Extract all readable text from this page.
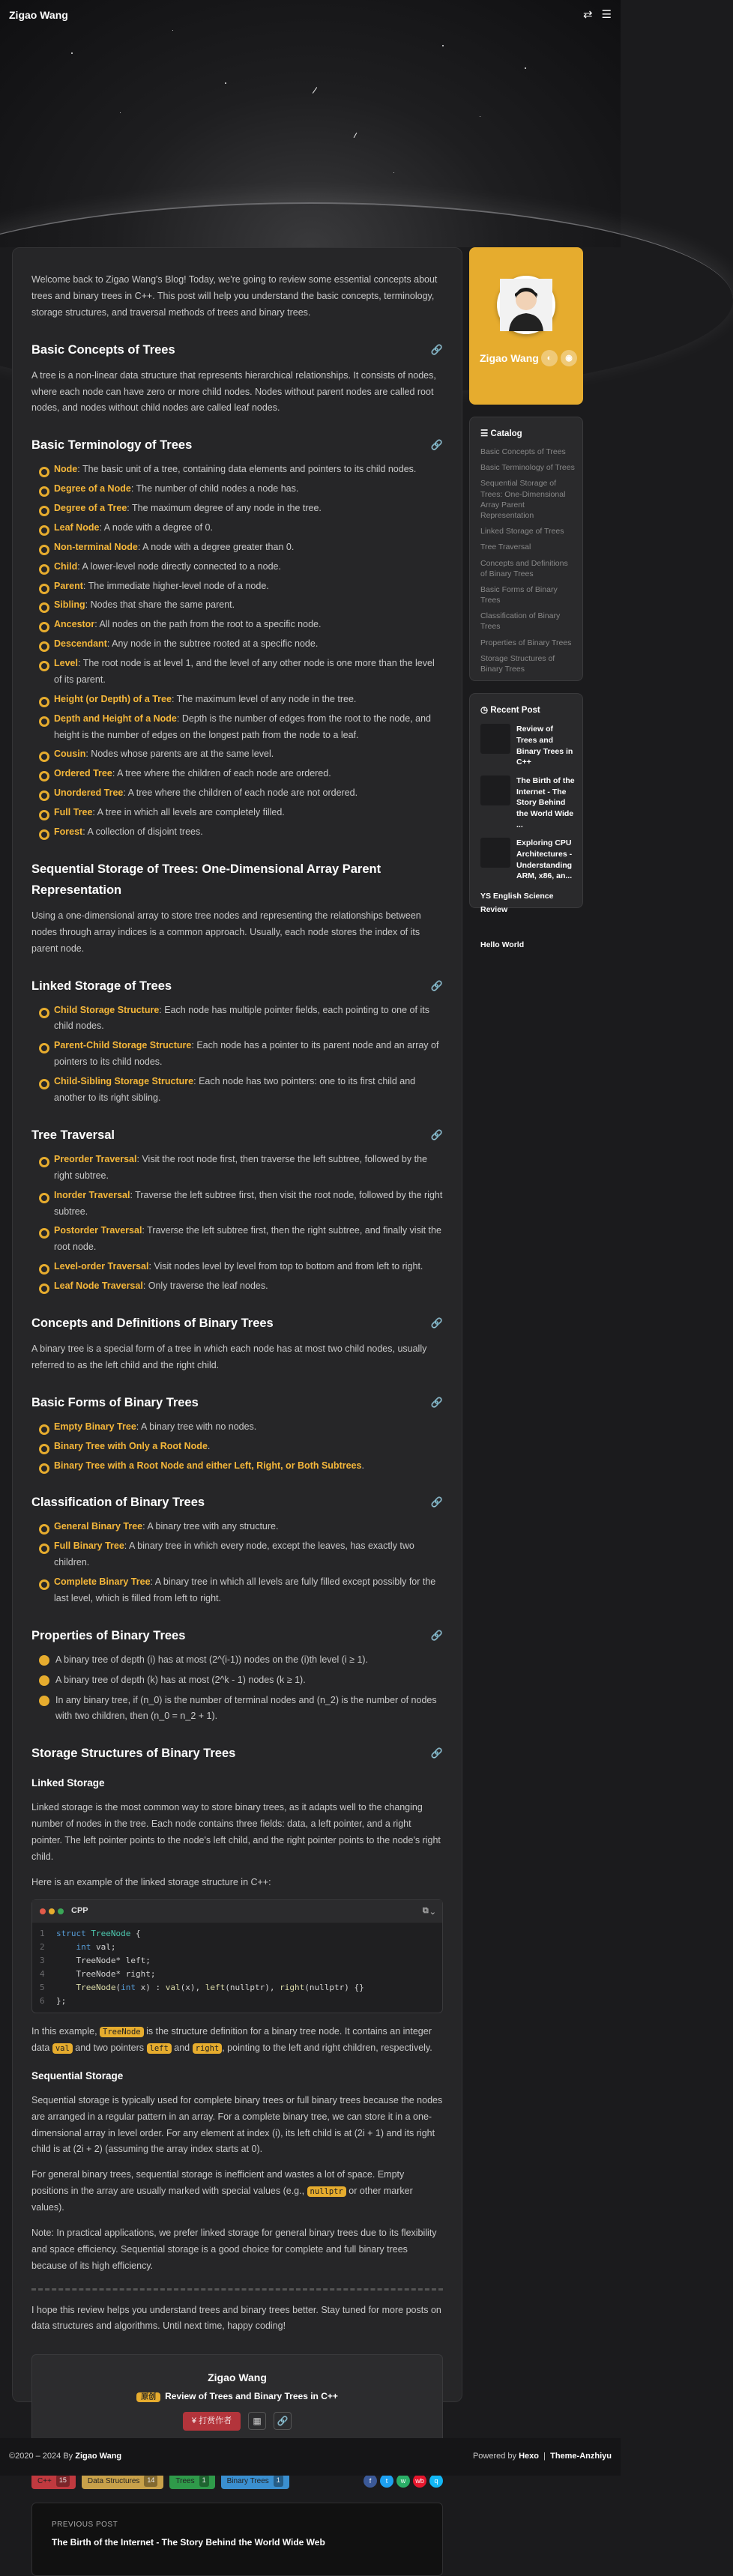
Zigao Wang	⇄ ☰

Welcome back to Zigao Wang's Blog! Today, we're going to review some essential concepts about trees and binary trees in C++. This post will help you understand the basic concepts, terminology, storage structures, and traversal methods of trees and binary trees.

Basic Concepts of Trees	🔗

A tree is a non-linear data structure that represents hierarchical relationships. It consists of nodes, where each node can have zero or more child nodes. Nodes without parent nodes are called root nodes, and nodes without child nodes are called leaf nodes.

Basic Terminology of Trees	🔗
Node: The basic unit of a tree, containing data elements and pointers to its child nodes.
Degree of a Node: The number of child nodes a node has.
Degree of a Tree: The maximum degree of any node in the tree.
Leaf Node: A node with a degree of 0.
Non-terminal Node: A node with a degree greater than 0.
Child: A lower-level node directly connected to a node.
Parent: The immediate higher-level node of a node.
Sibling: Nodes that share the same parent.
Ancestor: All nodes on the path from the root to a specific node.
Descendant: Any node in the subtree rooted at a specific node.
Level: The root node is at level 1, and the level of any other node is one more than the level of its parent.
Height (or Depth) of a Tree: The maximum level of any node in the tree.
Depth and Height of a Node: Depth is the number of edges from the root to the node, and height is the number of edges on the longest path from the node to a leaf.
Cousin: Nodes whose parents are at the same level.
Ordered Tree: A tree where the children of each node are ordered.
Unordered Tree: A tree where the children of each node are not ordered.
Full Tree: A tree in which all levels are completely filled.
Forest: A collection of disjoint trees.
Sequential Storage of Trees: One-Dimensional Array Parent Representation

Using a one-dimensional array to store tree nodes and representing the relationships between nodes through array indices is a common approach. Usually, each node stores the index of its parent node.

Linked Storage of Trees	🔗
Child Storage Structure: Each node has multiple pointer fields, each pointing to one of its child nodes.
Parent-Child Storage Structure: Each node has a pointer to its parent node and an array of pointers to its child nodes.
Child-Sibling Storage Structure: Each node has two pointers: one to its first child and another to its right sibling.
Tree Traversal	🔗
Preorder Traversal: Visit the root node first, then traverse the left subtree, followed by the right subtree.
Inorder Traversal: Traverse the left subtree first, then visit the root node, followed by the right subtree.
Postorder Traversal: Traverse the left subtree first, then the right subtree, and finally visit the root node.
Level-order Traversal: Visit nodes level by level from top to bottom and from left to right.
Leaf Node Traversal: Only traverse the leaf nodes.
Concepts and Definitions of Binary Trees	🔗

A binary tree is a special form of a tree in which each node has at most two child nodes, usually referred to as the left child and the right child.

Basic Forms of Binary Trees	🔗
Empty Binary Tree: A binary tree with no nodes.
Binary Tree with Only a Root Node.
Binary Tree with a Root Node and either Left, Right, or Both Subtrees.
Classification of Binary Trees	🔗
General Binary Tree: A binary tree with any structure.
Full Binary Tree: A binary tree in which every node, except the leaves, has exactly two children.
Complete Binary Tree: A binary tree in which all levels are fully filled except possibly for the last level, which is filled from left to right.
Properties of Binary Trees	🔗
A binary tree of depth (i) has at most (2^(i-1)) nodes on the (i)th level (i ≥ 1).
A binary tree of depth (k) has at most (2^k - 1) nodes (k ≥ 1).
In any binary tree, if (n_0) is the number of terminal nodes and (n_2) is the number of nodes with two children, then (n_0 = n_2 + 1).
Storage Structures of Binary Trees	🔗
Linked Storage

Linked storage is the most common way to store binary trees, as it adapts well to the changing number of nodes in the tree. Each node contains three fields: data, a left pointer, and a right pointer. The left pointer points to the node's left child, and the right pointer points to the node's right child.

Here is an example of the linked storage structure in C++:

CPP	⧉ ⌄
1 struct TreeNode {
2	int val;
3	TreeNode* left;
4	TreeNode* right;
5	TreeNode(int x) : val(x), left(nullptr), right(nullptr) {}
6 };

In this example, TreeNode is the structure definition for a binary tree node. It contains an integer data val and two pointers left and right , pointing to the left and right children, respectively.

Sequential Storage

Sequential storage is typically used for complete binary trees or full binary trees because the nodes are arranged in a regular pattern in an array. For a complete binary tree, we can store it in a one-dimensional array in level order. For any element at index (i), its left child is at (2i + 1) and its right child is at (2i + 2) (assuming the array index starts at 0).

For general binary trees, sequential storage is inefficient and wastes a lot of space. Empty positions in the array are usually marked with special values (e.g., nullptr or other marker values).

Note: In practical applications, we prefer linked storage for general binary trees due to its flexibility and space efficiency. Sequential storage is a good choice for complete and full binary trees because of its high efficiency.

I hope this review helps you understand trees and binary trees better. Stay tuned for more posts on data structures and algorithms. Until next time, happy coding!

Zigao Wang
原创 Review of Trees and Binary Trees in C++
¥ 打赏作者	▦	🔗
C++	15	Data Structures	14	Trees	1	Binary Trees	1	f	t	w	wb	q
PREVIOUS POST
The Birth of the Internet - The Story Behind the World Wide Web
Zigao Wang ◐	◉
☰ Catalog
Basic Concepts of Trees
Basic Terminology of Trees
Sequential Storage of Trees: One-Dimensional Array Parent Representation
Linked Storage of Trees
Tree Traversal
Concepts and Definitions of Binary Trees
Basic Forms of Binary Trees
Classification of Binary Trees
Properties of Binary Trees
Storage Structures of Binary Trees
◷ Recent Post
Review of Trees and Binary Trees in C++
The Birth of the Internet - The Story Behind the World Wide ...
Exploring CPU Architectures - Understanding ARM, x86, an...
YS English Science Review
Hello World
©2020 – 2024 By Zigao Wang	Powered by Hexo  |  Theme-Anzhiyu
